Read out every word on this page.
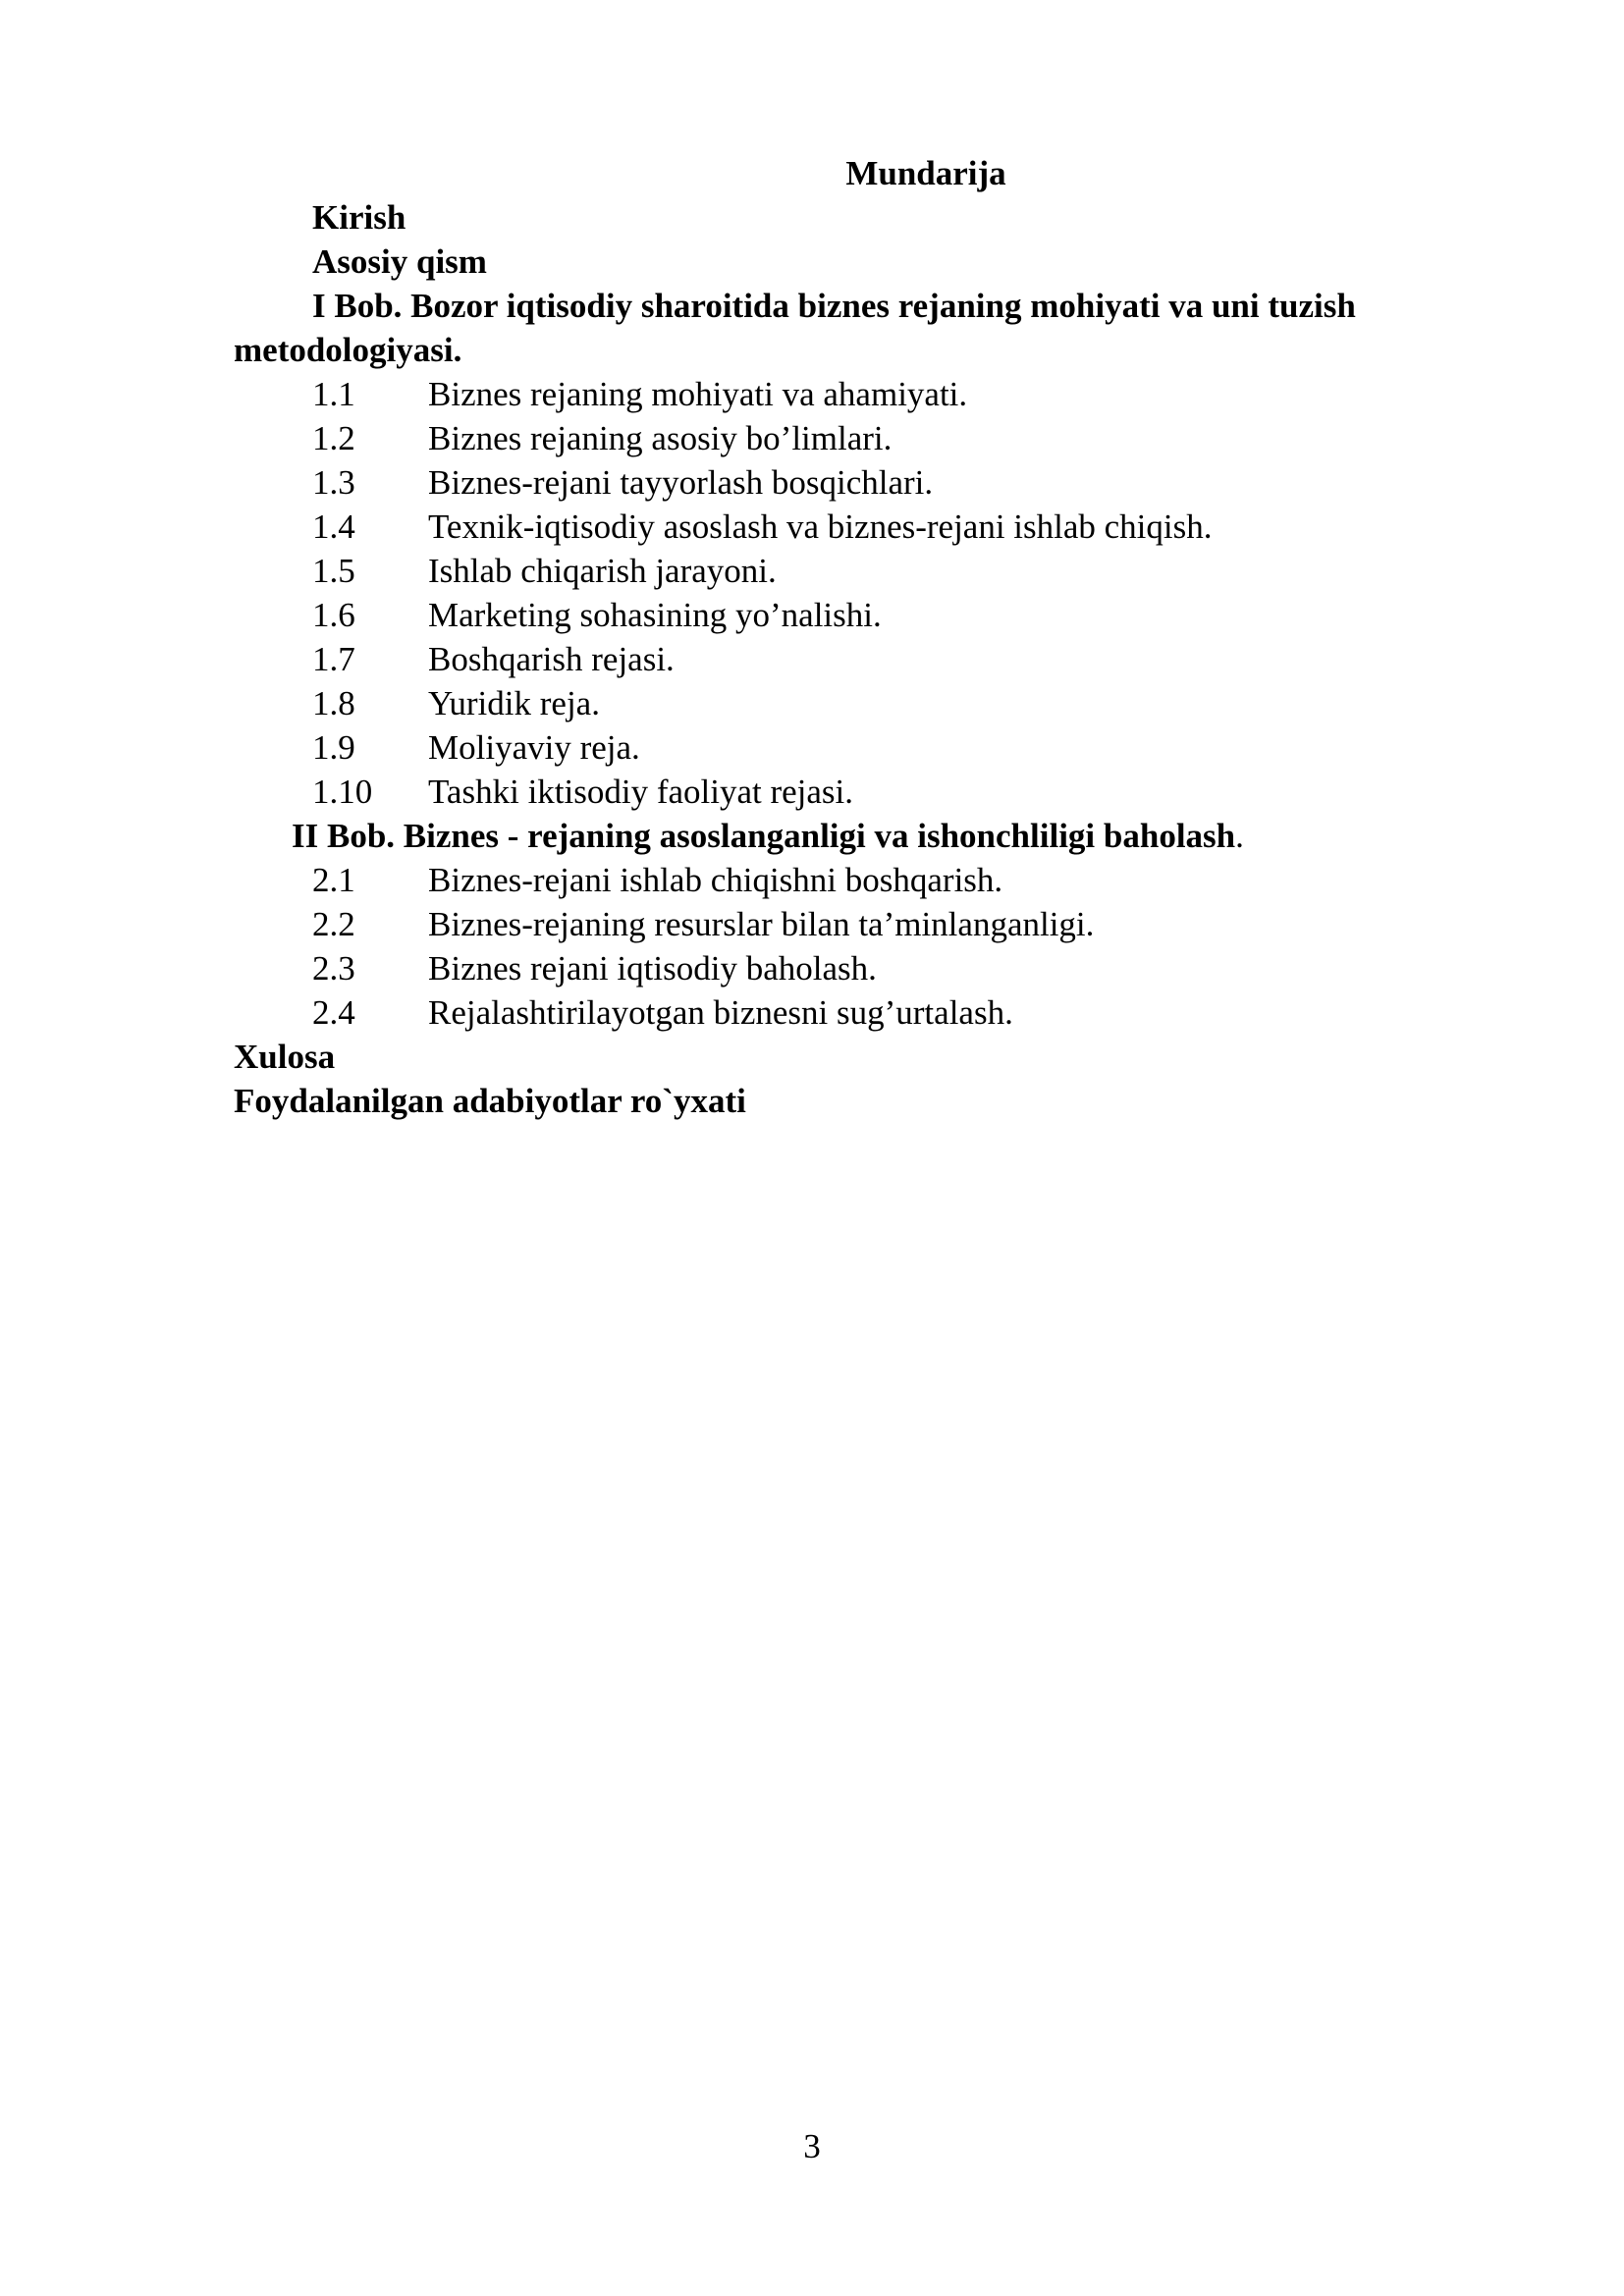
Mundarija
Kirish
Asosiy qism
I Bob. Bozor iqtisodiy sharoitida biznes rejaning mohiyati va uni tuzish
metodologiyasi.
1.1	Biznes rejaning mohiyati va ahamiyati.
1.2	Biznes rejaning asosiy bo’limlari.
1.3	Biznes-rejani tayyorlash bosqichlari.
1.4	Texnik-iqtisodiy asoslash va biznes-rejani ishlab chiqish.
1.5	Ishlab chiqarish jarayoni.
1.6	Marketing sohasining yo’nalishi.
1.7	Boshqarish rejasi.
1.8	Yuridik reja.
1.9	Moliyaviy reja.
1.10	Tashki iktisodiy faoliyat rejasi.
II Bob. Biznes - rejaning asoslanganligi va ishonchliligi baholash.
2.1	Biznes-rejani ishlab chiqishni boshqarish.
2.2	Biznes-rejaning resurslar bilan ta’minlanganligi.
2.3	Biznes rejani iqtisodiy baholash.
2.4	Rejalashtirilayotgan biznesni sug’urtalash.
Xulosa
Foydalanilgan adabiyotlar ro`yxati
3
